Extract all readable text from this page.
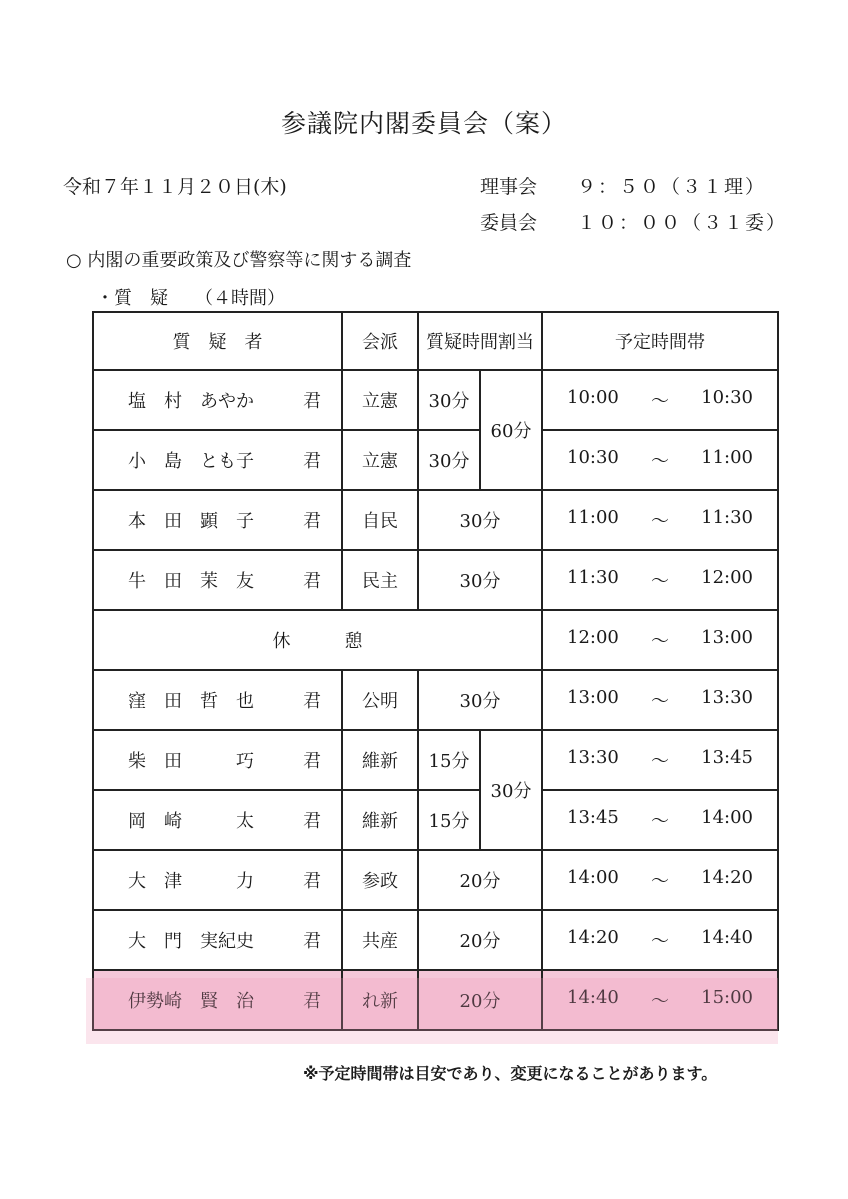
参議院内閣委員会（案）
令和７年１１月２０日(木)	理事会 ９：５０（３１理）
委員会 １０：００（３１委）
○ 内閣の重要政策及び警察等に関する調査
・質　疑　　（４時間）
質　疑　者	会派	質疑時間割当		予定時間帯
塩　村　あやか 君	立憲	30分	60分	10:00 〜 10:30

小　島　とも子 君	立憲	30分		10:30 〜 11:00

本　田　顕　子 君	自民	30分		11:00 〜 11:30

牛　田　茉　友 君	民主	30分		11:30 〜 12:00

休　　　憩				12:00 〜 13:00

窪　田　哲　也 君	公明	30分		13:00 〜 13:30

柴　田　　　巧 君	維新	15分	30分	13:30 〜 13:45

岡　崎　　　太 君	維新	15分		13:45 〜 14:00

大　津　　　力 君	参政	20分		14:00 〜 14:20

大　門　実紀史 君	共産	20分		14:20 〜 14:40

伊勢崎　賢　治 君	れ新	20分		14:40 〜 15:00
※予定時間帯は目安であり、変更になることがあります。
